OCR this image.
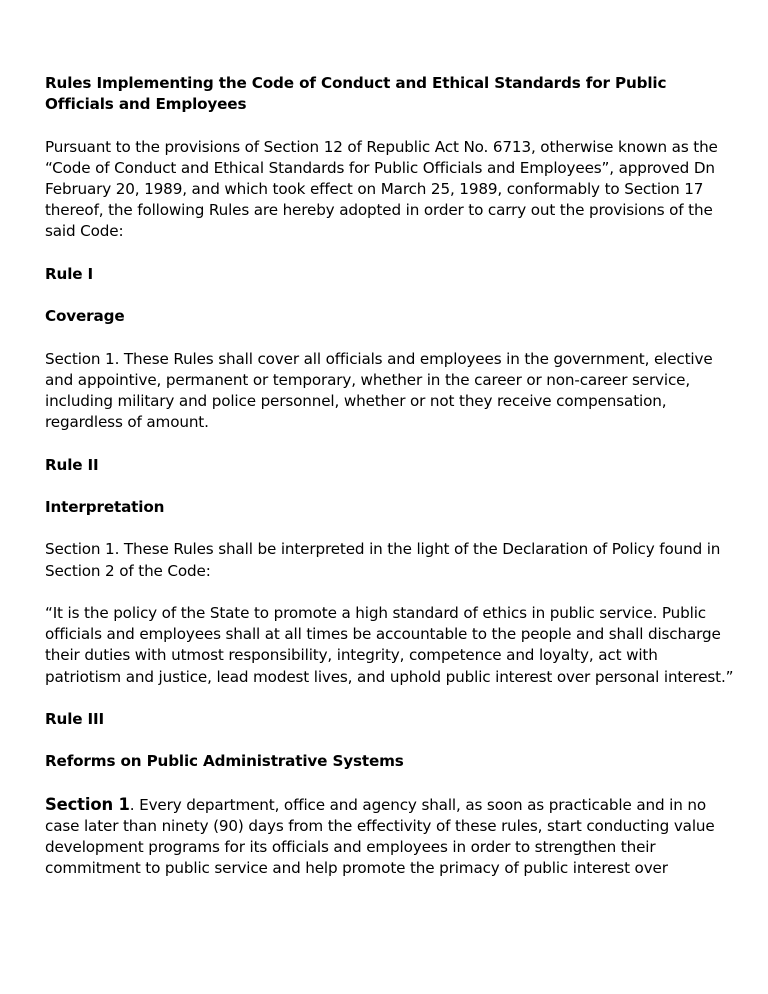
Rules Implementing the Code of Conduct and Ethical Standards for Public Officials and Employees

Pursuant to the provisions of Section 12 of Republic Act No. 6713, otherwise known as the “Code of Conduct and Ethical Standards for Public Officials and Employees”, approved Dn February 20, 1989, and which took effect on March 25, 1989, conformably to Section 17 thereof, the following Rules are hereby adopted in order to carry out the provisions of the said Code:

Rule I

Coverage

Section 1. These Rules shall cover all officials and employees in the government, elective and appointive, permanent or temporary, whether in the career or non-career service, including military and police personnel, whether or not they receive compensation, regardless of amount.

Rule II

Interpretation

Section 1. These Rules shall be interpreted in the light of the Declaration of Policy found in Section 2 of the Code:

“It is the policy of the State to promote a high standard of ethics in public service. Public officials and employees shall at all times be accountable to the people and shall discharge their duties with utmost responsibility, integrity, competence and loyalty, act with patriotism and justice, lead modest lives, and uphold public interest over personal interest.”

Rule III

Reforms on Public Administrative Systems

Section 1. Every department, office and agency shall, as soon as practicable and in no case later than ninety (90) days from the effectivity of these rules, start conducting value development programs for its officials and employees in order to strengthen their commitment to public service and help promote the primacy of public interest over
